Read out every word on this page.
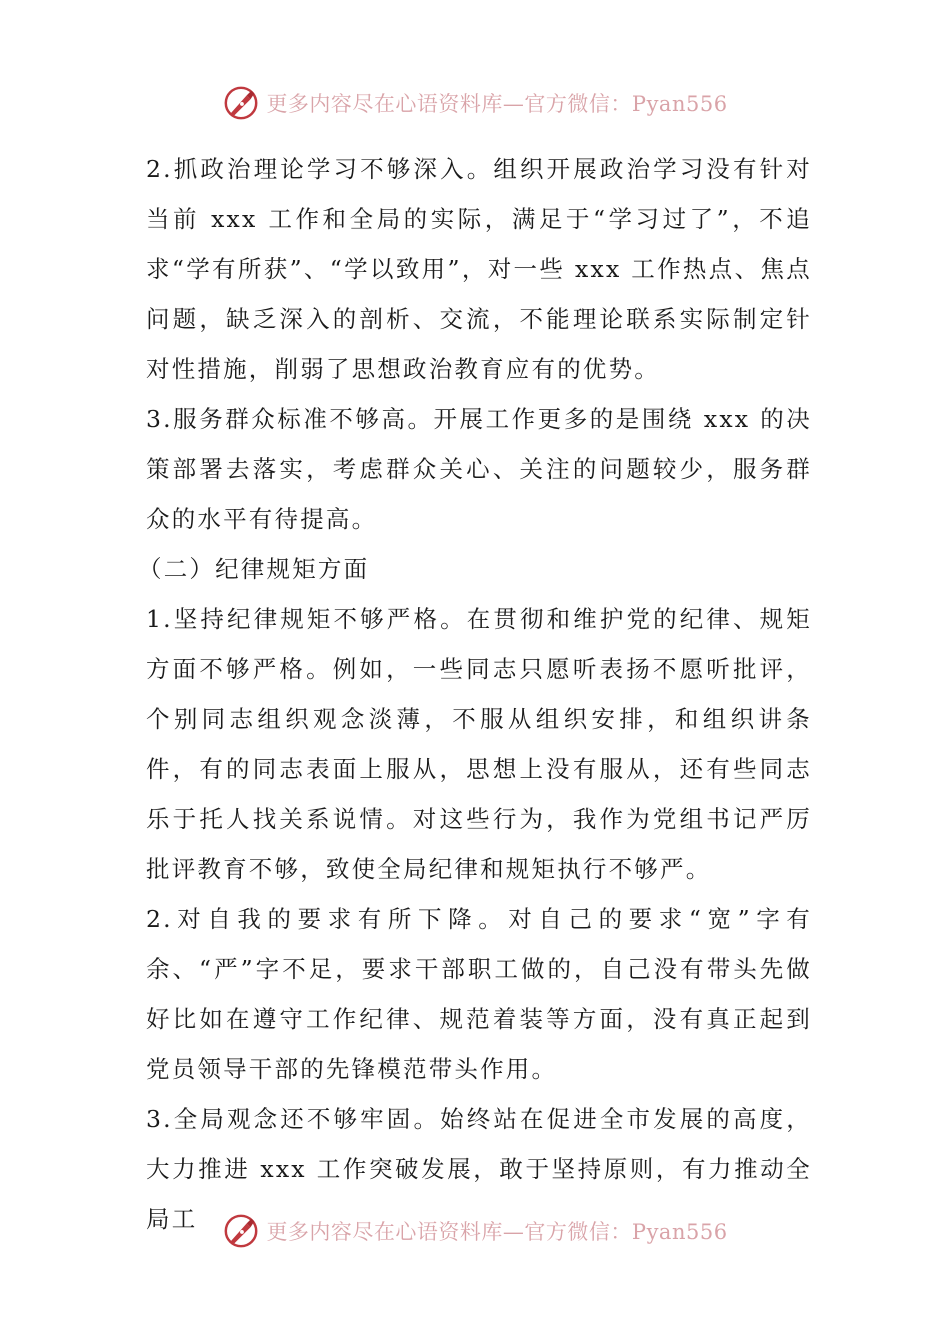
更多内容尽在心语资料库—官方微信：Pyan556

2.抓政治理论学习不够深入。组织开展政治学习没有针对当前 xxx 工作和全局的实际，满足于“学习过了”，不追求“学有所获”、“学以致用”，对一些 xxx 工作热点、焦点问题，缺乏深入的剖析、交流，不能理论联系实际制定针对性措施，削弱了思想政治教育应有的优势。

3.服务群众标准不够高。开展工作更多的是围绕 xxx 的决策部署去落实，考虑群众关心、关注的问题较少，服务群众的水平有待提高。

（二）纪律规矩方面

1.坚持纪律规矩不够严格。在贯彻和维护党的纪律、规矩方面不够严格。例如，一些同志只愿听表扬不愿听批评，个别同志组织观念淡薄，不服从组织安排，和组织讲条件，有的同志表面上服从，思想上没有服从，还有些同志乐于托人找关系说情。对这些行为，我作为党组书记严厉批评教育不够，致使全局纪律和规矩执行不够严。

2.对自我的要求有所下降。对自己的要求“宽”字有余、“严”字不足，要求干部职工做的，自己没有带头先做好比如在遵守工作纪律、规范着装等方面，没有真正起到党员领导干部的先锋模范带头作用。

3.全局观念还不够牢固。始终站在促进全市发展的高度，大力推进 xxx 工作突破发展，敢于坚持原则，有力推动全局工	更多内容尽在心语资料库—官方微信：Pyan556
